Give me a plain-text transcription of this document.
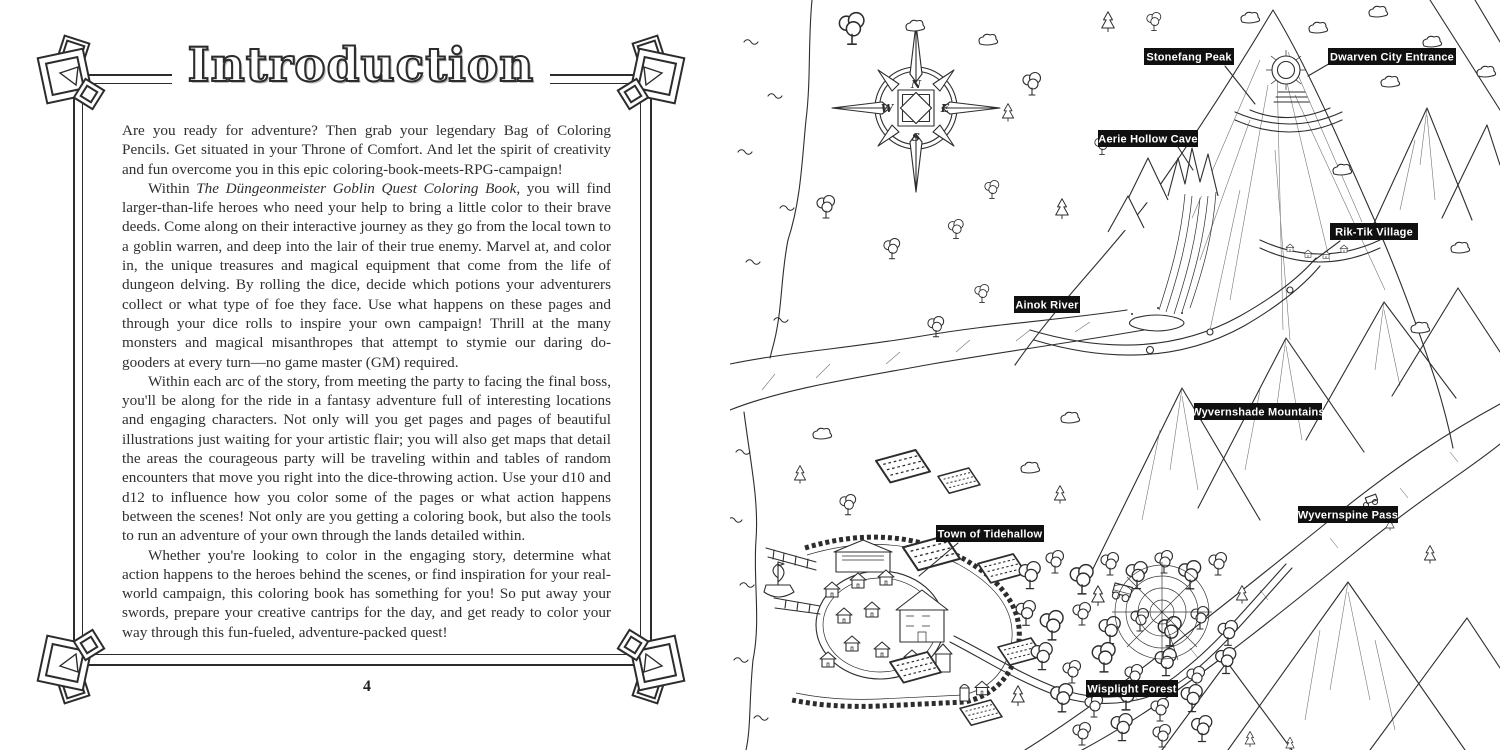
Introduction

Are you ready for adventure? Then grab your legendary Bag of Coloring Pencils. Get situated in your Throne of Comfort. And let the spirit of creativity and fun overcome you in this epic coloring-book-meets-RPG-campaign!

Within The Düngeonmeister Goblin Quest Coloring Book, you will find larger-than-life heroes who need your help to bring a little color to their brave deeds. Come along on their interactive journey as they go from the local town to a goblin warren, and deep into the lair of their true enemy. Marvel at, and color in, the unique treasures and magical equipment that come from the life of dungeon delving. By rolling the dice, decide which potions your adventurers collect or what type of foe they face. Use what happens on these pages and through your dice rolls to inspire your own campaign! Thrill at the many monsters and magical misanthropes that attempt to stymie our daring do-gooders at every turn—no game master (GM) required.

Within each arc of the story, from meeting the party to facing the final boss, you'll be along for the ride in a fantasy adventure full of interesting locations and engaging characters. Not only will you get pages and pages of beautiful illustrations just waiting for your artistic flair; you will also get maps that detail the areas the courageous party will be traveling within and tables of random encounters that move you right into the dice-throwing action. Use your d10 and d12 to influence how you color some of the pages or what action happens between the scenes! Not only are you getting a coloring book, but also the tools to run an adventure of your own through the lands detailed within.

Whether you're looking to color in the engaging story, determine what action happens to the heroes behind the scenes, or find inspiration for your real-world campaign, this coloring book has something for you! So put away your swords, prepare your creative cantrips for the day, and get ready to color your way through this fun-fueled, adventure-packed quest!

4
N
E
S
W
Stonefang Peak	Dwarven City Entrance
Aerie Hollow Cave
Rik-Tik Village
Ainok River
Wyvernshade Mountains
Wyvernspine Pass
Town of Tidehallow
Wisplight Forest
